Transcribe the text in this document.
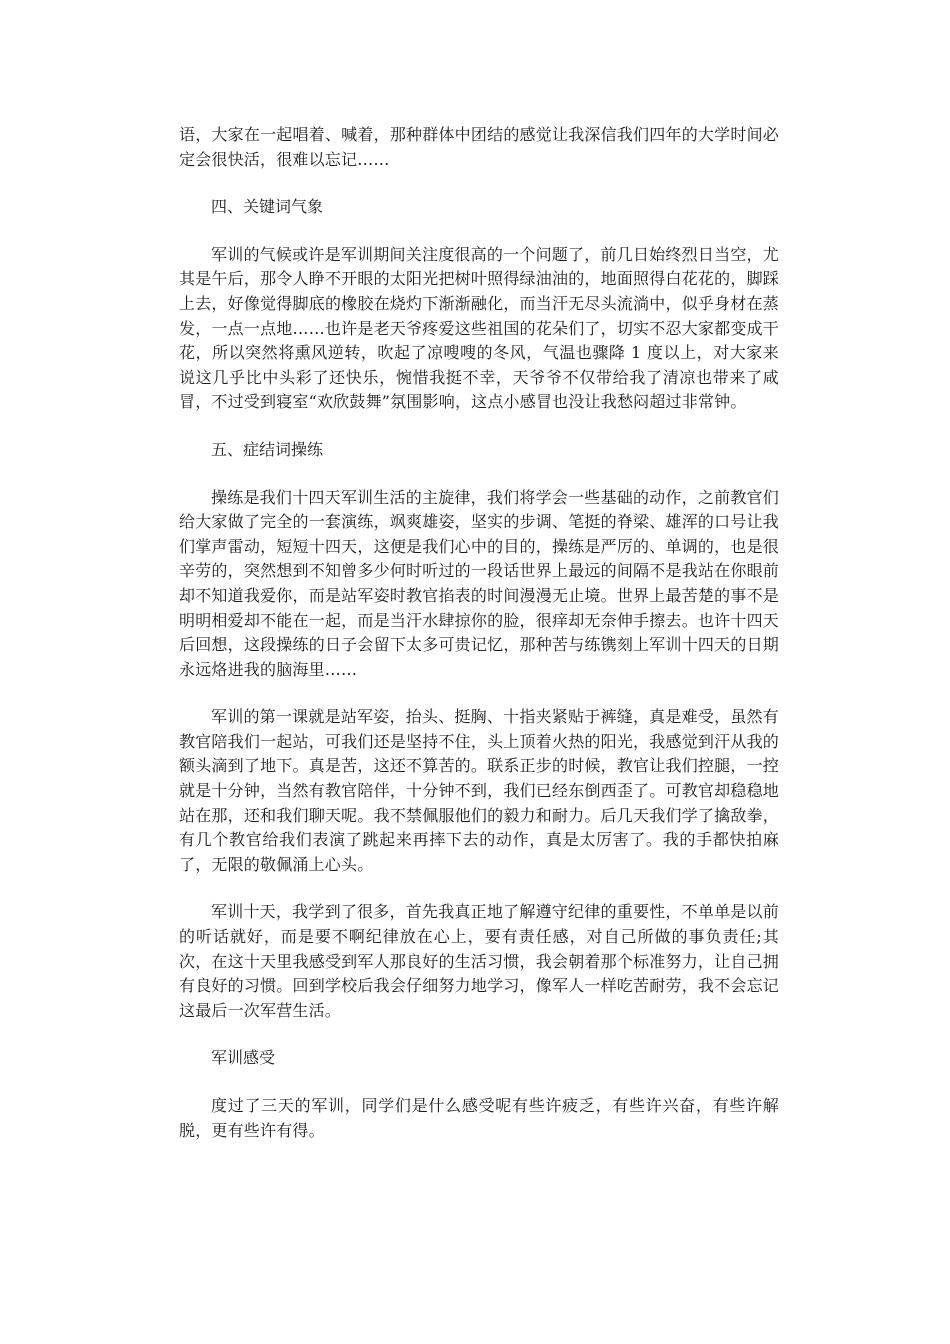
语，大家在一起唱着、喊着，那种群体中团结的感觉让我深信我们四年的大学时间必定会很快活，很难以忘记……

四、关键词气象

军训的气候或许是军训期间关注度很高的一个问题了，前几日始终烈日当空，尤其是午后，那令人睁不开眼的太阳光把树叶照得绿油油的，地面照得白花花的，脚踩上去，好像觉得脚底的橡胶在烧灼下渐渐融化，而当汗无尽头流淌中，似乎身材在蒸发，一点一点地……也许是老天爷疼爱这些祖国的花朵们了，切实不忍大家都变成干花，所以突然将熏风逆转，吹起了凉嗖嗖的冬风，气温也骤降 1 度以上，对大家来说这几乎比中头彩了还快乐，惋惜我挺不幸，天爷爷不仅带给我了清凉也带来了咸冒，不过受到寝室“欢欣鼓舞”氛围影响，这点小感冒也没让我愁闷超过非常钟。

五、症结词操练

操练是我们十四天军训生活的主旋律，我们将学会一些基础的动作，之前教官们给大家做了完全的一套演练，飒爽雄姿，坚实的步调、笔挺的脊梁、雄浑的口号让我们掌声雷动，短短十四天，这便是我们心中的目的，操练是严厉的、单调的，也是很辛劳的，突然想到不知曾多少何时听过的一段话世界上最远的间隔不是我站在你眼前却不知道我爱你，而是站军姿时教官掐表的时间漫漫无止境。世界上最苦楚的事不是明明相爱却不能在一起，而是当汗水肆掠你的脸，很痒却无奈伸手擦去。也许十四天后回想，这段操练的日子会留下太多可贵记忆，那种苦与练镌刻上军训十四天的日期永远烙进我的脑海里……

军训的第一课就是站军姿，抬头、挺胸、十指夹紧贴于裤缝，真是难受，虽然有教官陪我们一起站，可我们还是坚持不住，头上顶着火热的阳光，我感觉到汗从我的额头滴到了地下。真是苦，这还不算苦的。联系正步的时候，教官让我们控腿，一控就是十分钟，当然有教官陪伴，十分钟不到，我们已经东倒西歪了。可教官却稳稳地站在那，还和我们聊天呢。我不禁佩服他们的毅力和耐力。后几天我们学了擒敌拳，有几个教官给我们表演了跳起来再摔下去的动作，真是太厉害了。我的手都快拍麻了，无限的敬佩涌上心头。

军训十天，我学到了很多，首先我真正地了解遵守纪律的重要性，不单单是以前的听话就好，而是要不啊纪律放在心上，要有责任感，对自己所做的事负责任;其次，在这十天里我感受到军人那良好的生活习惯，我会朝着那个标准努力，让自己拥有良好的习惯。回到学校后我会仔细努力地学习，像军人一样吃苦耐劳，我不会忘记这最后一次军营生活。

军训感受

度过了三天的军训，同学们是什么感受呢有些许疲乏，有些许兴奋，有些许解脱，更有些许有得。
